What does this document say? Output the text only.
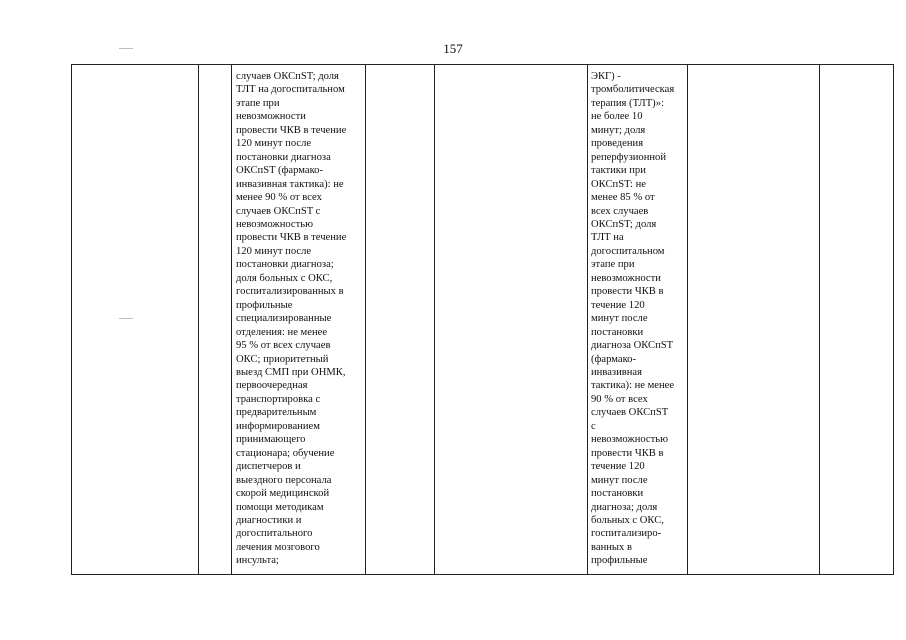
157
случаев ОКСпST; доля
ТЛТ на догоспитальном
этапе при
невозможности
провести ЧКВ в течение
120 минут после
постановки диагноза
ОКСпST (фармако-
инвазивная тактика): не
менее 90 % от всех
случаев ОКСпST с
невозможностью
провести ЧКВ в течение
120 минут после
постановки диагноза;
доля больных с ОКС,
госпитализированных в
профильные
специализированные
отделения: не менее
95 % от всех случаев
ОКС; приоритетный
выезд СМП при ОНМК,
первоочередная
транспортировка с
предварительным
информированием
принимающего
стационара; обучение
диспетчеров и
выездного персонала
скорой медицинской
помощи методикам
диагностики и
догоспитального
лечения мозгового
инсульта;
ЭКГ) -
тромболитическая
терапия (ТЛТ)»:
не более 10
минут; доля
проведения
реперфузионной
тактики при
ОКСпST: не
менее 85 % от
всех случаев
ОКСпST; доля
ТЛТ на
догоспитальном
этапе при
невозможности
провести ЧКВ в
течение 120
минут после
постановки
диагноза ОКСпST
(фармако-
инвазивная
тактика): не менее
90 % от всех
случаев ОКСпST
с
невозможностью
провести ЧКВ в
течение 120
минут после
постановки
диагноза; доля
больных с ОКС,
госпитализиро-
ванных в
профильные
